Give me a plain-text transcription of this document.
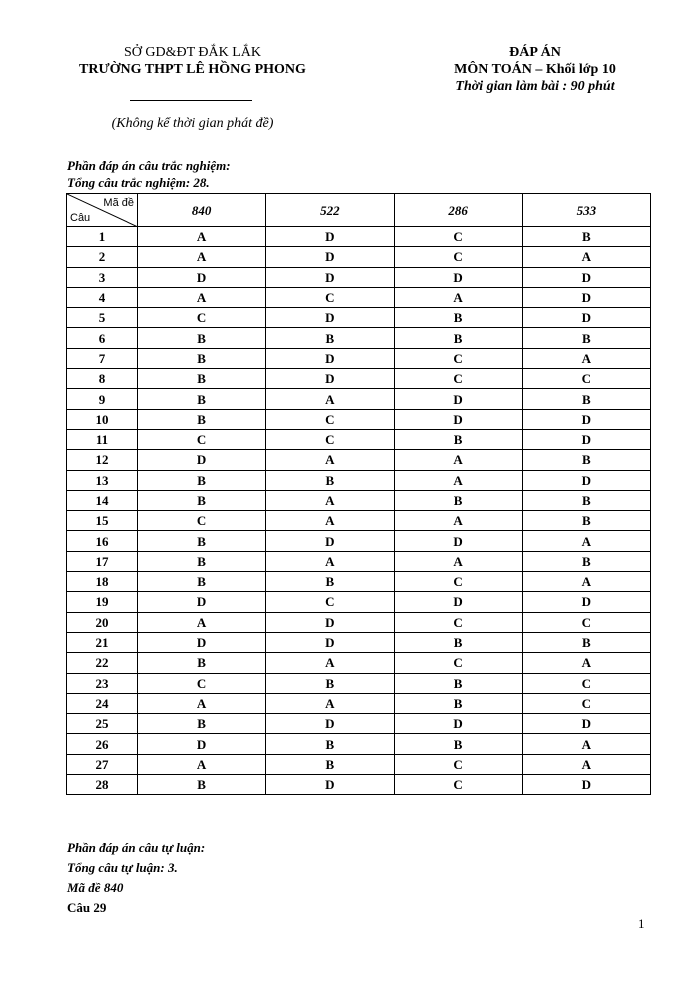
SỞ GD&ĐT ĐẮK LẮK
TRƯỜNG THPT LÊ HỒNG PHONG
(Không kể thời gian phát đề)
ĐÁP ÁN
MÔN TOÁN – Khối lớp 10
Thời gian làm bài : 90 phút
Phần đáp án câu trắc nghiệm:
Tổng câu trắc nghiệm: 28.
Mã đề
Câu	840	522	286	533
1	A	D	C	B
2	A	D	C	A
3	D	D	D	D
4	A	C	A	D
5	C	D	B	D
6	B	B	B	B
7	B	D	C	A
8	B	D	C	C
9	B	A	D	B
10	B	C	D	D
11	C	C	B	D
12	D	A	A	B
13	B	B	A	D
14	B	A	B	B
15	C	A	A	B
16	B	D	D	A
17	B	A	A	B
18	B	B	C	A
19	D	C	D	D
20	A	D	C	C
21	D	D	B	B
22	B	A	C	A
23	C	B	B	C
24	A	A	B	C
25	B	D	D	D
26	D	B	B	A
27	A	B	C	A
28	B	D	C	D
Phần đáp án câu tự luận:
Tổng câu tự luận: 3.
Mã đề 840
Câu 29
1
